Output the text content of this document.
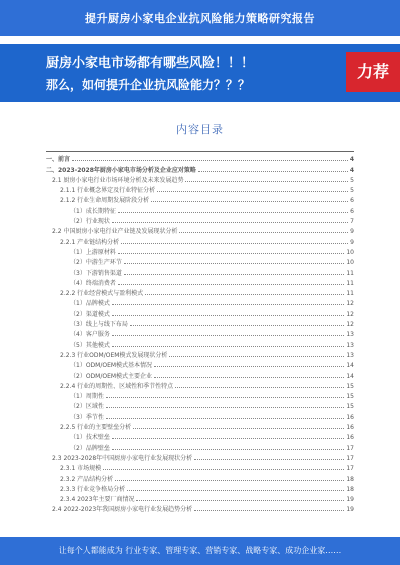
提升厨房小家电企业抗风险能力策略研究报告
厨房小家电市场都有哪些风险！！！
那么，如何提升企业抗风险能力？？？
力荐
内容目录
一、前言	4
二、2023-2028年厨房小家电市场分析及企业应对策略	4
2.1 厨房小家电行业市场环境分析及未来发展趋势	5
2.1.1 行业概念界定及行业特征分析	5
2.1.2 行业生命周期发展阶段分析	6
（1）成长期特征	6
（2）行业现状	7
2.2 中国厨房小家电行业产业链及发展现状分析	9
2.2.1 产业链结构分析	9
（1）上游原材料	10
（2）中游生产环节	10
（3）下游销售渠道	11
（4）终端消费者	11
2.2.2 行业经营模式与盈利模式	11
（1）品牌模式	12
（2）渠道模式	12
（3）线上与线下布局	12
（4）客户服务	13
（5）其他模式	13
2.2.3 行业ODM/OEM模式发展现状分析	13
（1）ODM/OEM模式基本情况	14
（2）ODM/OEM模式主要企业	14
2.2.4 行业的周期性、区域性和季节性特点	15
（1）周期性	15
（2）区域性	15
（3）季节性	16
2.2.5 行业的主要壁垒分析	16
（1）技术壁垒	16
（2）品牌壁垒	17
2.3 2023-2028年中国厨房小家电行业发展现状分析	17
2.3.1 市场规模	17
2.3.2 产品结构分析	18
2.3.3 行业竞争格局分析	18
2.3.4 2023年主要厂商情况	19
2.4 2022-2023年我国厨房小家电行业发展趋势分析	19
让每个人都能成为 行业专家、管理专家、营销专家、战略专家、成功企业家……
